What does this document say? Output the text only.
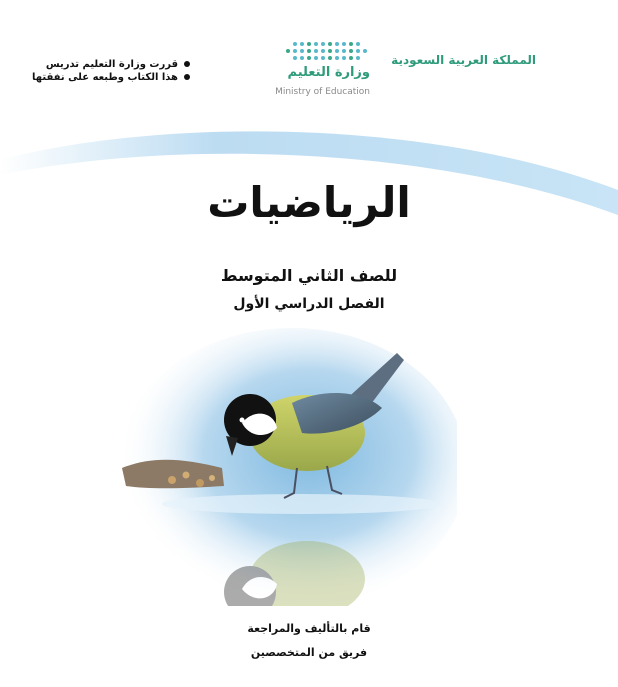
المملكة العربية السعودية
وزارة التعليم
Ministry of Education
قررت وزارة التعليم تدريس
هذا الكتاب وطبعه على نفقتها
الرياضيات
للصف الثاني المتوسط
الفصل الدراسي الأول
قام بالتأليف والمراجعة
فريق من المتخصصين
